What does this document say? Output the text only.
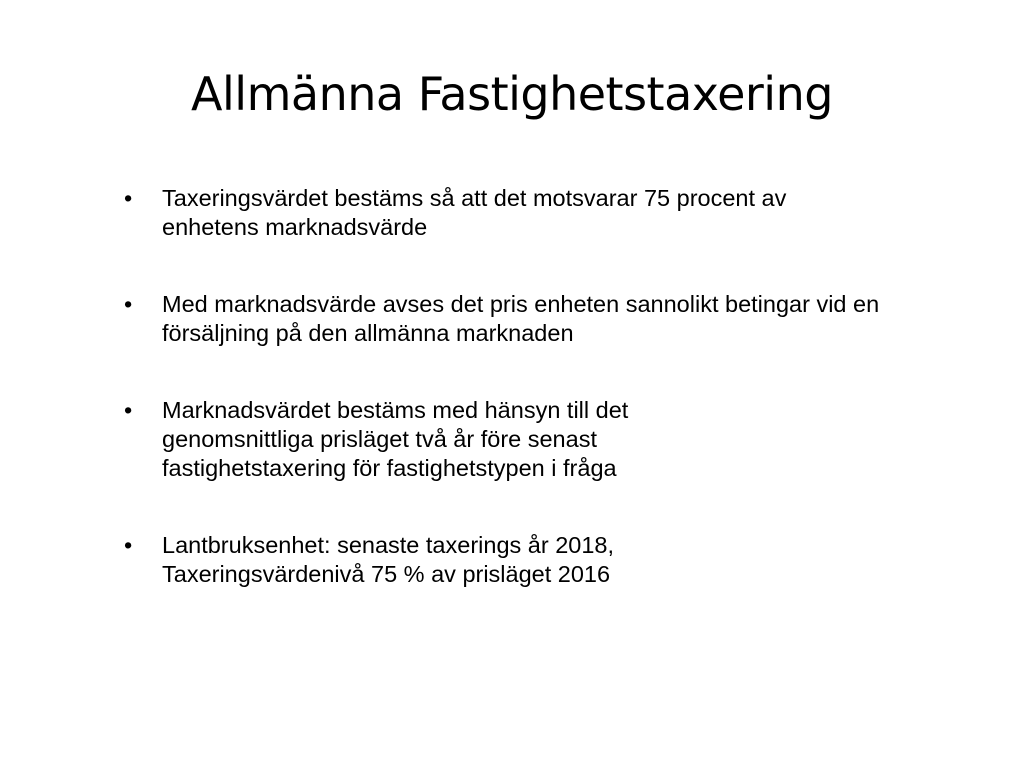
Allmänna Fastighetstaxering
• Taxeringsvärdet bestäms så att det motsvarar 75 procent av enhetens marknadsvärde
• Med marknadsvärde avses det pris enheten sannolikt betingar vid en försäljning på den allmänna marknaden
• Marknadsvärdet bestäms med hänsyn till det genomsnittliga prisläget två år före senast fastighetstaxering för fastighetstypen i fråga
• Lantbruksenhet: senaste taxerings år 2018, Taxeringsvärdenivå 75 % av prisläget 2016
